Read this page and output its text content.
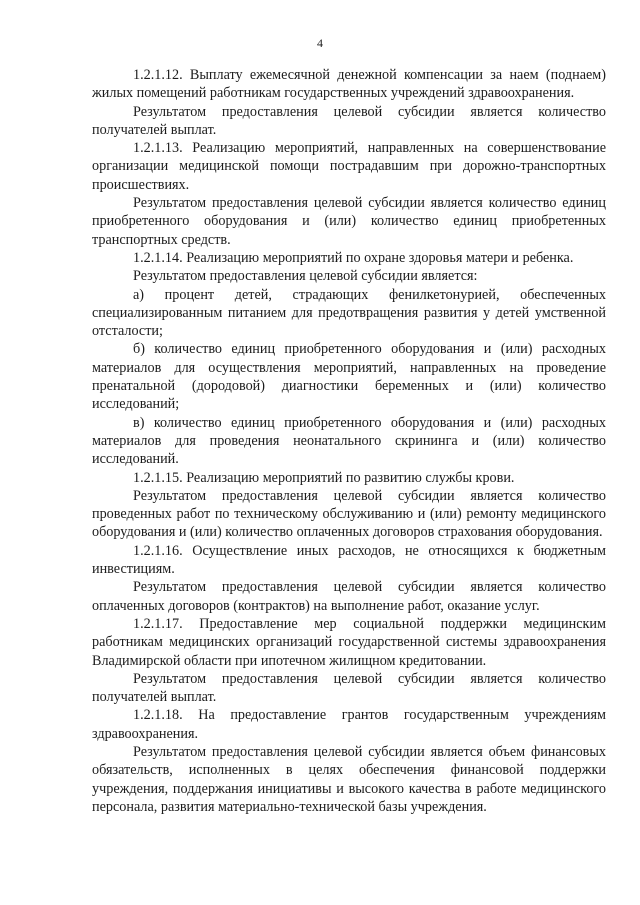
4

1.2.1.12. Выплату ежемесячной денежной компенсации за наем (поднаем) жилых помещений работникам государственных учреждений здравоохранения.

Результатом предоставления целевой субсидии является количество получателей выплат.

1.2.1.13. Реализацию мероприятий, направленных на совершенствование организации медицинской помощи пострадавшим при дорожно-транспортных происшествиях.

Результатом предоставления целевой субсидии является количество единиц приобретенного оборудования и (или) количество единиц приобретенных транспортных средств.

1.2.1.14. Реализацию мероприятий по охране здоровья матери и ребенка.

Результатом предоставления целевой субсидии является:

а) процент детей, страдающих фенилкетонурией, обеспеченных специализированным питанием для предотвращения развития у детей умственной отсталости;

б) количество единиц приобретенного оборудования и (или) расходных материалов для осуществления мероприятий, направленных на проведение пренатальной (дородовой) диагностики беременных и (или) количество исследований;

в) количество единиц приобретенного оборудования и (или) расходных материалов для проведения неонатального скрининга и (или) количество исследований.

1.2.1.15. Реализацию мероприятий по развитию службы крови.

Результатом предоставления целевой субсидии является количество проведенных работ по техническому обслуживанию и (или) ремонту медицинского оборудования и (или) количество оплаченных договоров страхования оборудования.

1.2.1.16. Осуществление иных расходов, не относящихся к бюджетным инвестициям.

Результатом предоставления целевой субсидии является количество оплаченных договоров (контрактов) на выполнение работ, оказание услуг.

1.2.1.17. Предоставление мер социальной поддержки медицинским работникам медицинских организаций государственной системы здравоохранения Владимирской области при ипотечном жилищном кредитовании.

Результатом предоставления целевой субсидии является количество получателей выплат.

1.2.1.18. На предоставление грантов государственным учреждениям здравоохранения.

Результатом предоставления целевой субсидии является объем финансовых обязательств, исполненных в целях обеспечения финансовой поддержки учреждения, поддержания инициативы и высокого качества в работе медицинского персонала, развития материально-технической базы учреждения.
